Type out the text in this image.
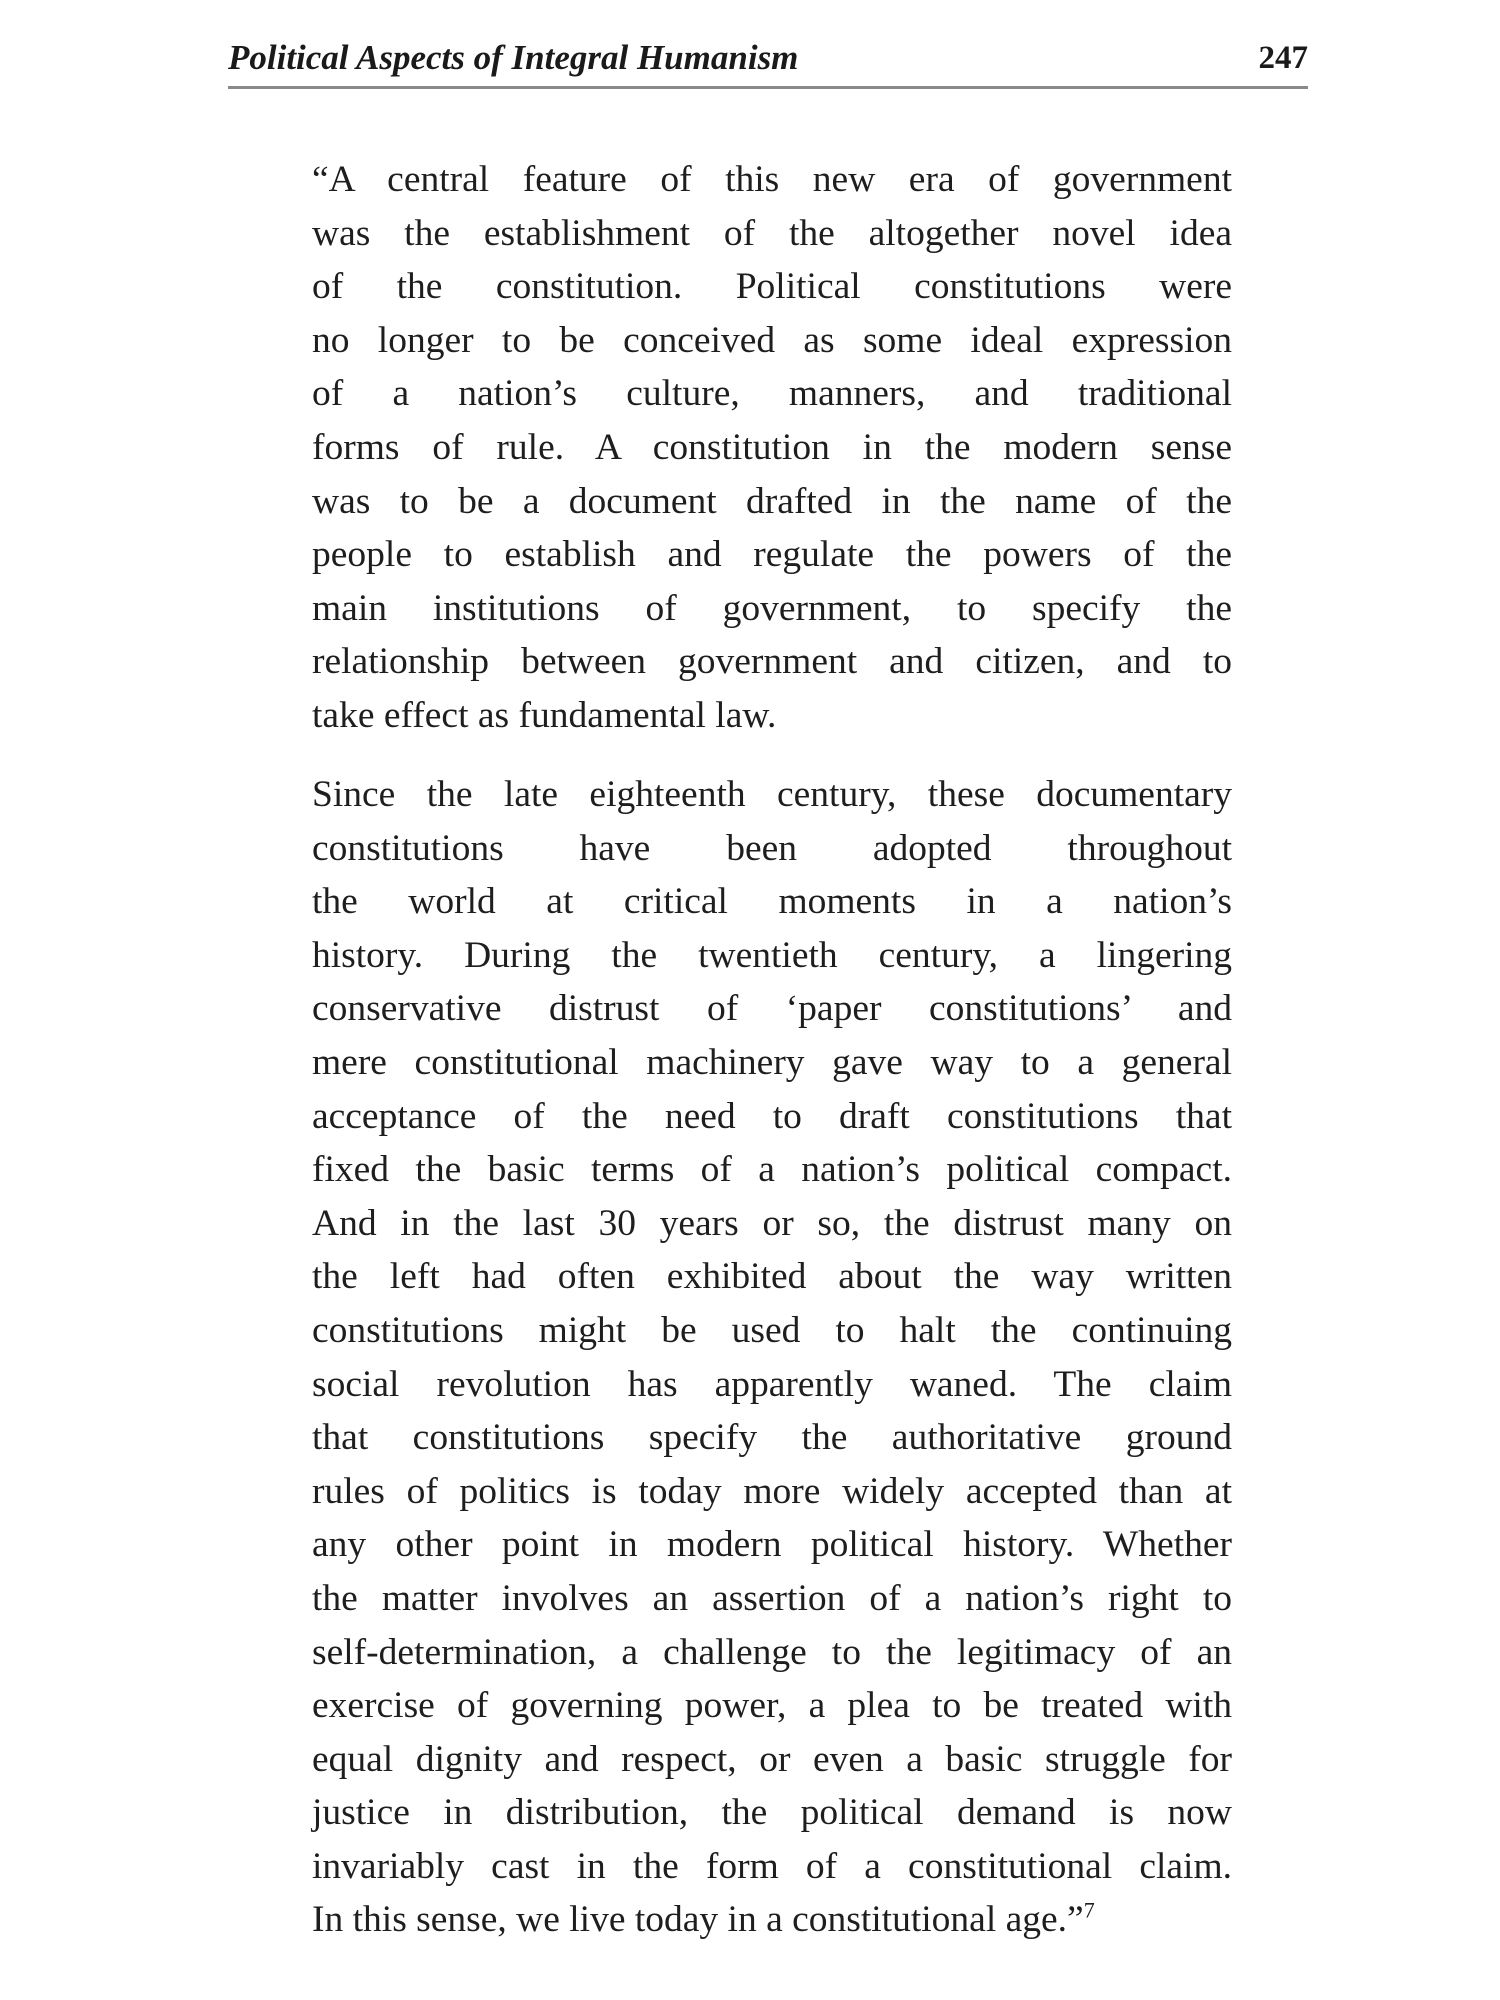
Political Aspects of Integral Humanism	247
“A central feature of this new era of government
was the establishment of the altogether novel idea
of the constitution. Political constitutions were
no longer to be conceived as some ideal expression
of a nation’s culture, manners, and traditional
forms of rule. A constitution in the modern sense
was to be a document drafted in the name of the
people to establish and regulate the powers of the
main institutions of government, to specify the
relationship between government and citizen, and to
take effect as fundamental law.
Since the late eighteenth century, these documentary
constitutions have been adopted throughout
the world at critical moments in a nation’s
history. During the twentieth century, a lingering
conservative distrust of ‘paper constitutions’ and
mere constitutional machinery gave way to a general
acceptance of the need to draft constitutions that
fixed the basic terms of a nation’s political compact.
And in the last 30 years or so, the distrust many on
the left had often exhibited about the way written
constitutions might be used to halt the continuing
social revolution has apparently waned. The claim
that constitutions specify the authoritative ground
rules of politics is today more widely accepted than at
any other point in modern political history. Whether
the matter involves an assertion of a nation’s right to
self-determination, a challenge to the legitimacy of an
exercise of governing power, a plea to be treated with
equal dignity and respect, or even a basic struggle for
justice in distribution, the political demand is now
invariably cast in the form of a constitutional claim.
In this sense, we live today in a constitutional age.”$^7$
